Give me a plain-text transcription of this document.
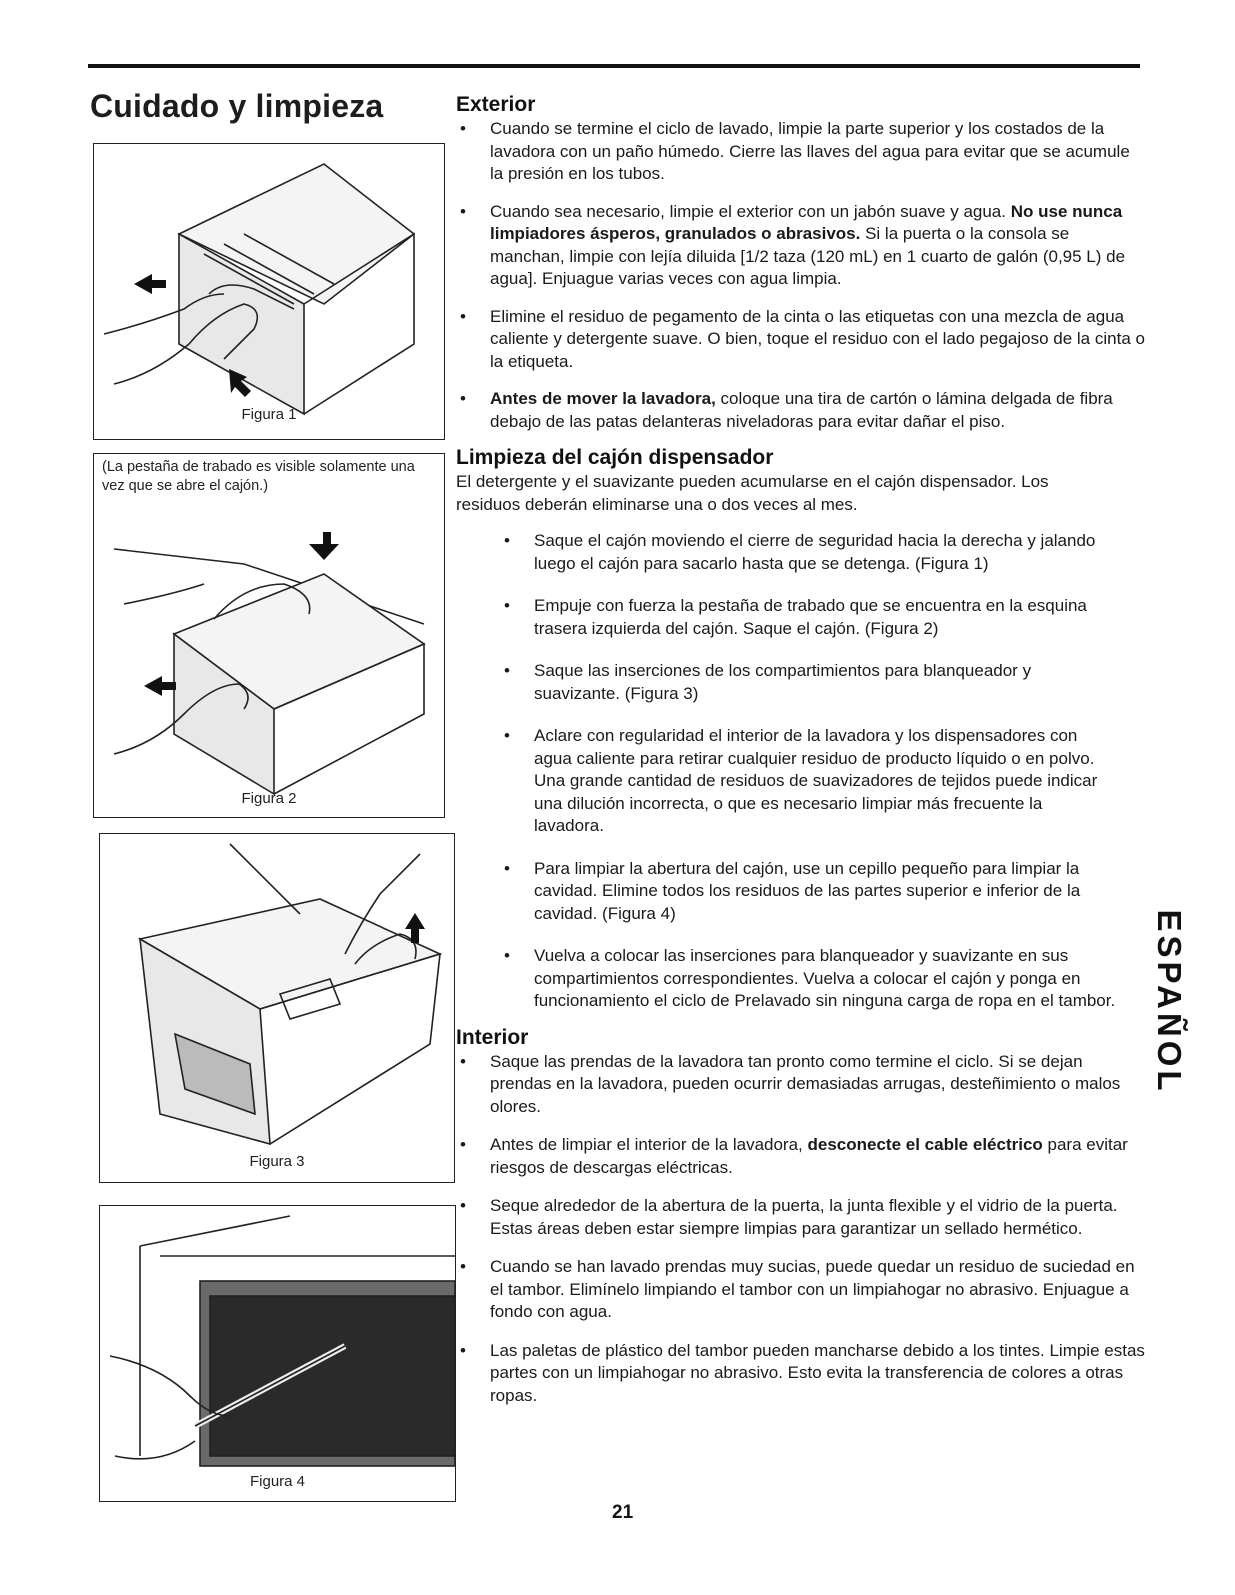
Cuidado y limpieza
Figura 1
(La pestaña de trabado es visible solamente una vez que se abre el cajón.)
Figura 2
Figura 3
Figura 4
Exterior
• Cuando se termine el ciclo de lavado, limpie la parte superior y los costados de la lavadora con un paño húmedo. Cierre las llaves del agua para evitar que se acumule la presión en los tubos.
• Cuando sea necesario, limpie el exterior con un jabón suave y agua. No use nunca limpiadores ásperos, granulados o abrasivos. Si la puerta o la consola se manchan, limpie con lejía diluida [1/2 taza (120 mL) en 1 cuarto de galón (0,95 L) de agua]. Enjuague varias veces con agua limpia.
• Elimine el residuo de pegamento de la cinta o las etiquetas con una mezcla de agua caliente y detergente suave. O bien, toque el residuo con el lado pegajoso de la cinta o la etiqueta.
• Antes de mover la lavadora, coloque una tira de cartón o lámina delgada de fibra debajo de las patas delanteras niveladoras para evitar dañar el piso.
Limpieza del cajón dispensador

El detergente y el suavizante pueden acumularse en el cajón dispensador. Los residuos deberán eliminarse una o dos veces al mes.

• Saque el cajón moviendo el cierre de seguridad hacia la derecha y jalando luego el cajón para sacarlo hasta que se detenga. (Figura 1)
• Empuje con fuerza la pestaña de trabado que se encuentra en la esquina trasera izquierda del cajón. Saque el cajón. (Figura 2)
• Saque las inserciones de los compartimientos para blanqueador y suavizante. (Figura 3)
• Aclare con regularidad el interior de la lavadora y los dispensadores con agua caliente para retirar cualquier residuo de producto líquido o en polvo. Una grande cantidad de residuos de suavizadores de tejidos puede indicar una dilución incorrecta, o que es necesario limpiar más frecuente la lavadora.
• Para limpiar la abertura del cajón, use un cepillo pequeño para limpiar la cavidad. Elimine todos los residuos de las partes superior e inferior de la cavidad. (Figura 4)
• Vuelva a colocar las inserciones para blanqueador y suavizante en sus compartimientos correspondientes. Vuelva a colocar el cajón y ponga en funcionamiento el ciclo de Prelavado sin ninguna carga de ropa en el tambor.
Interior
• Saque las prendas de la lavadora tan pronto como termine el ciclo. Si se dejan prendas en la lavadora, pueden ocurrir demasiadas arrugas, desteñimiento o malos olores.
• Antes de limpiar el interior de la lavadora, desconecte el cable eléctrico para evitar riesgos de descargas eléctricas.
• Seque alrededor de la abertura de la puerta, la junta flexible y el vidrio de la puerta. Estas áreas deben estar siempre limpias para garantizar un sellado hermético.
• Cuando se han lavado prendas muy sucias, puede quedar un residuo de suciedad en el tambor. Elimínelo limpiando el tambor con un limpiahogar no abrasivo. Enjuague a fondo con agua.
• Las paletas de plástico del tambor pueden mancharse debido a los tintes. Limpie estas partes con un limpiahogar no abrasivo. Esto evita la transferencia de colores a otras ropas.
ESPAÑOL
21
